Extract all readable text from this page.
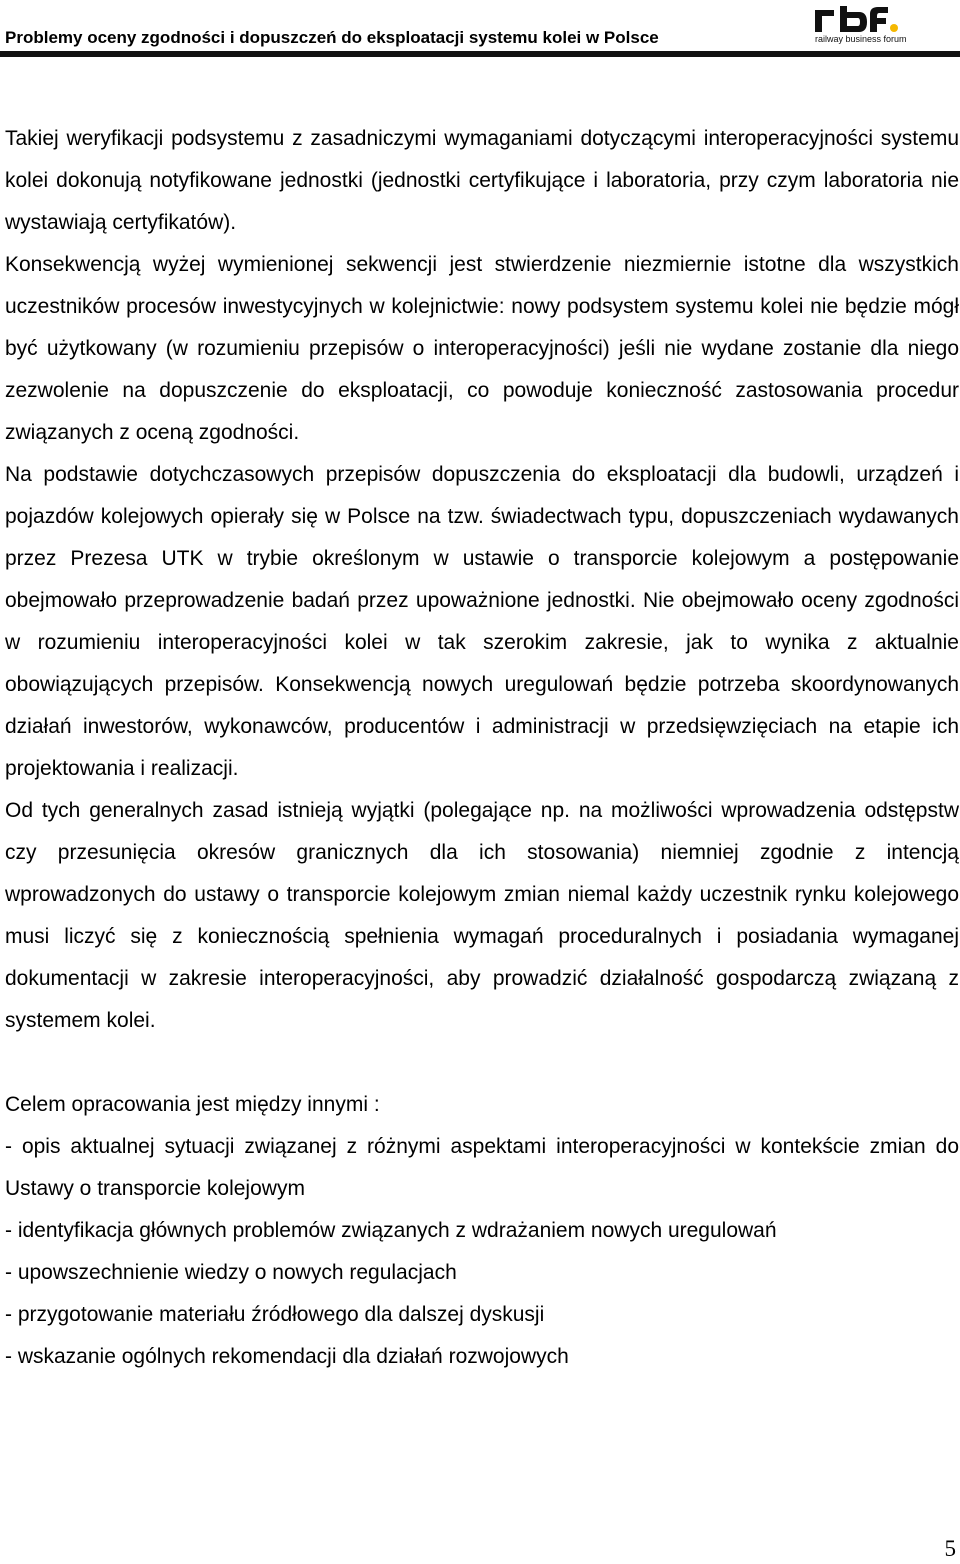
Problemy oceny zgodności i dopuszczeń do eksploatacji systemu kolei w Polsce	railway business forum

Takiej weryfikacji podsystemu z zasadniczymi wymaganiami dotyczącymi interoperacyjności systemu kolei dokonują notyfikowane jednostki (jednostki certyfikujące i laboratoria, przy czym laboratoria nie wystawiają certyfikatów).

Konsekwencją wyżej wymienionej sekwencji jest stwierdzenie niezmiernie istotne dla wszystkich uczestników procesów inwestycyjnych w kolejnictwie: nowy podsystem systemu kolei nie będzie mógł być użytkowany (w rozumieniu przepisów o interoperacyjności) jeśli nie wydane zostanie dla niego zezwolenie na dopuszczenie do eksploatacji, co powoduje konieczność zastosowania procedur związanych z oceną zgodności.

Na podstawie dotychczasowych przepisów dopuszczenia do eksploatacji dla budowli, urządzeń i pojazdów kolejowych opierały się w Polsce na tzw. świadectwach typu, dopuszczeniach wydawanych przez Prezesa UTK w trybie określonym w ustawie o transporcie kolejowym a postępowanie obejmowało przeprowadzenie badań przez upoważnione jednostki. Nie obejmowało oceny zgodności w rozumieniu interoperacyjności kolei w tak szerokim zakresie, jak to wynika z aktualnie obowiązujących przepisów. Konsekwencją nowych uregulowań będzie potrzeba skoordynowanych działań inwestorów, wykonawców, producentów i administracji w przedsięwzięciach na etapie ich projektowania i realizacji.

Od tych generalnych zasad istnieją wyjątki (polegające np. na możliwości wprowadzenia odstępstw czy przesunięcia okresów granicznych dla ich stosowania) niemniej zgodnie z intencją wprowadzonych do ustawy o transporcie kolejowym zmian niemal każdy uczestnik rynku kolejowego musi liczyć się z koniecznością spełnienia wymagań proceduralnych i posiadania wymaganej dokumentacji w zakresie interoperacyjności, aby prowadzić działalność gospodarczą związaną z systemem kolei.

Celem opracowania jest między innymi :

- opis aktualnej sytuacji związanej z różnymi aspektami interoperacyjności w kontekście zmian do Ustawy o transporcie kolejowym

- identyfikacja głównych problemów związanych z wdrażaniem nowych uregulowań

- upowszechnienie wiedzy o nowych regulacjach

- przygotowanie materiału źródłowego dla dalszej dyskusji

- wskazanie ogólnych rekomendacji dla działań rozwojowych

5
